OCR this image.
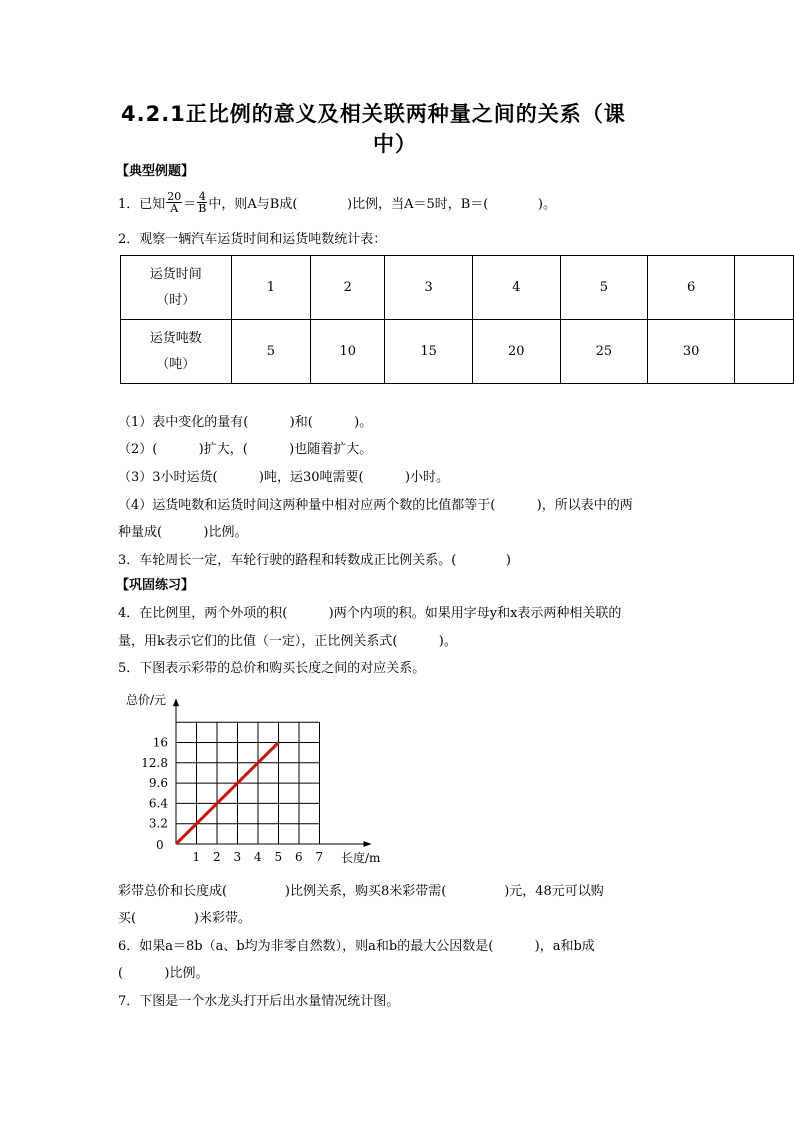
4.2.1正比例的意义及相关联两种量之间的关系（课
中）
【典型例题】
1．已知 $\frac{20}{A} = \frac{4}{B}$ 中，则A与B成(            )比例，当A＝5时，B＝(            )。
2．观察一辆汽车运货时间和运货吨数统计表：
运货时间
（时）	1	2	3	4	5	6	

运货吨数
（吨）	5	10	15	20	25	30	
（1）表中变化的量有(          )和(          )。
（2）(          )扩大，(          )也随着扩大。
（3）3小时运货(          )吨，运30吨需要(          )小时。
（4）运货吨数和运货时间这两种量中相对应两个数的比值都等于(          )，所以表中的两
种量成(          )比例。
3．车轮周长一定，车轮行驶的路程和转数成正比例关系。(            )
【巩固练习】
4．在比例里，两个外项的积(          )两个内项的积。如果用字母y和x表示两种相关联的
量，用k表示它们的比值（一定），正比例关系式(          )。
5．下图表示彩带的总价和购买长度之间的对应关系。
总价/元
长度/m
0
1 2 3 4 5 6 7
3.2
6.4
9.6
12.8
16
彩带总价和长度成(              )比例关系，购买8米彩带需(              )元，48元可以购
买(              )米彩带。
6．如果a＝8b（a、b均为非零自然数），则a和b的最大公因数是(          )，a和b成
(          )比例。
7．下图是一个水龙头打开后出水量情况统计图。
